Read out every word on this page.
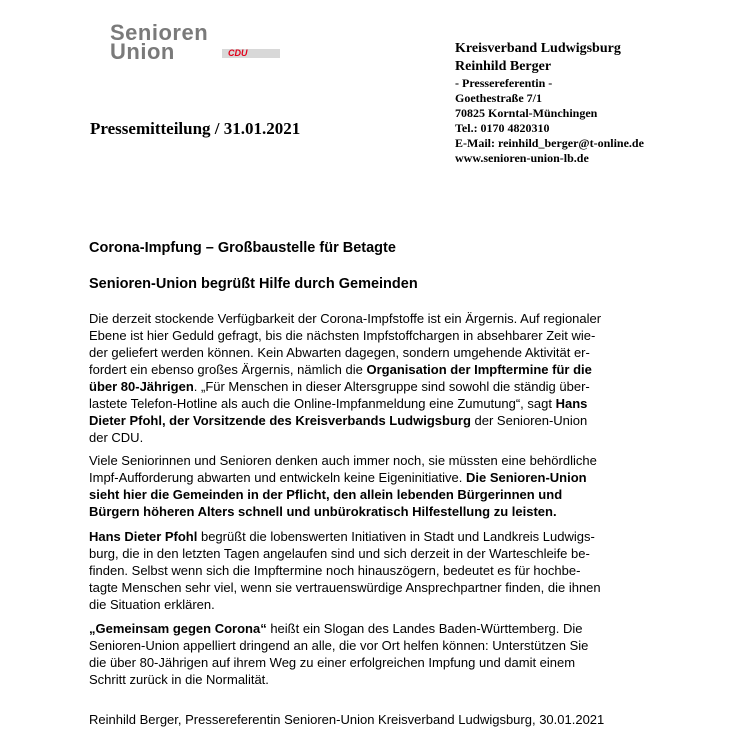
Senioren
Union	CDU	Kreisverband Ludwigsburg
Reinhild Berger
- Pressereferentin -
Goethestraße 7/1
70825 Korntal-Münchingen
Tel.: 0170 4820310
E-Mail: reinhild_berger@t-online.de
www.senioren-union-lb.de
Pressemitteilung / 31.01.2021
Corona-Impfung – Großbaustelle für Betagte
Senioren-Union begrüßt Hilfe durch Gemeinden
Die derzeit stockende Verfügbarkeit der Corona-Impfstoffe ist ein Ärgernis. Auf regionaler
Ebene ist hier Geduld gefragt, bis die nächsten Impfstoffchargen in absehbarer Zeit wie-
der geliefert werden können. Kein Abwarten dagegen, sondern umgehende Aktivität er-
fordert ein ebenso großes Ärgernis, nämlich die Organisation der Impftermine für die
über 80-Jährigen. „Für Menschen in dieser Altersgruppe sind sowohl die ständig über-
lastete Telefon-Hotline als auch die Online-Impfanmeldung eine Zumutung“, sagt Hans
Dieter Pfohl, der Vorsitzende des Kreisverbands Ludwigsburg der Senioren-Union
der CDU.
Viele Seniorinnen und Senioren denken auch immer noch, sie müssten eine behördliche
Impf-Aufforderung abwarten und entwickeln keine Eigeninitiative. Die Senioren-Union
sieht hier die Gemeinden in der Pflicht, den allein lebenden Bürgerinnen und
Bürgern höheren Alters schnell und unbürokratisch Hilfestellung zu leisten.
Hans Dieter Pfohl begrüßt die lobenswerten Initiativen in Stadt und Landkreis Ludwigs-
burg, die in den letzten Tagen angelaufen sind und sich derzeit in der Warteschleife be-
finden. Selbst wenn sich die Impftermine noch hinauszögern, bedeutet es für hochbe-
tagte Menschen sehr viel, wenn sie vertrauenswürdige Ansprechpartner finden, die ihnen
die Situation erklären.
„Gemeinsam gegen Corona“ heißt ein Slogan des Landes Baden-Württemberg. Die
Senioren-Union appelliert dringend an alle, die vor Ort helfen können: Unterstützen Sie
die über 80-Jährigen auf ihrem Weg zu einer erfolgreichen Impfung und damit einem
Schritt zurück in die Normalität.
Reinhild Berger, Pressereferentin Senioren-Union Kreisverband Ludwigsburg, 30.01.2021
